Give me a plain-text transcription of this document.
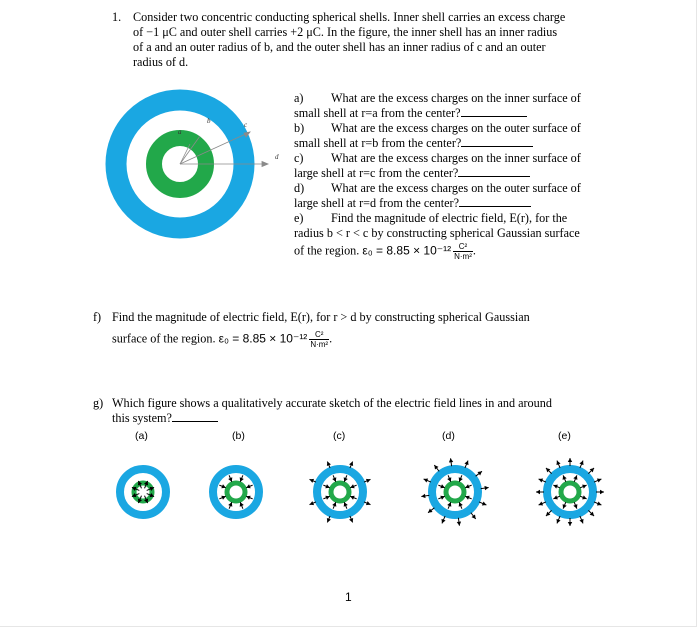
1. Consider two concentric conducting spherical shells. Inner shell carries an excess charge
of −1 μC and outer shell carries +2 μC. In the figure, the inner shell has an inner radius
of a and an outer radius of b, and the outer shell has an inner radius of c and an outer
radius of d.
a
b	c
d
a) What are the excess charges on the inner surface of
small shell at r=a from the center?
b) What are the excess charges on the outer surface of
small shell at r=b from the center?
c) What are the excess charges on the inner surface of
large shell at r=c from the center?
d) What are the excess charges on the outer surface of
large shell at r=d from the center?
e) Find the magnitude of electric field, E(r), for the
radius b < r < c by constructing spherical Gaussian surface
of the region. $\varepsilon_0 = 8.85 \times 10^{-12} \frac{\text{C²}}{\text{N·m²}}$ .
f) Find the magnitude of electric field, E(r), for r > d by constructing spherical Gaussian
surface of the region. $\varepsilon_0 = 8.85 \times 10^{-12} \frac{\text{C²}}{\text{N·m²}}$ .
g) Which figure shows a qualitatively accurate sketch of the electric field lines in and around
this system?
(a)	(b)	(c)	(d)	(e)
1
